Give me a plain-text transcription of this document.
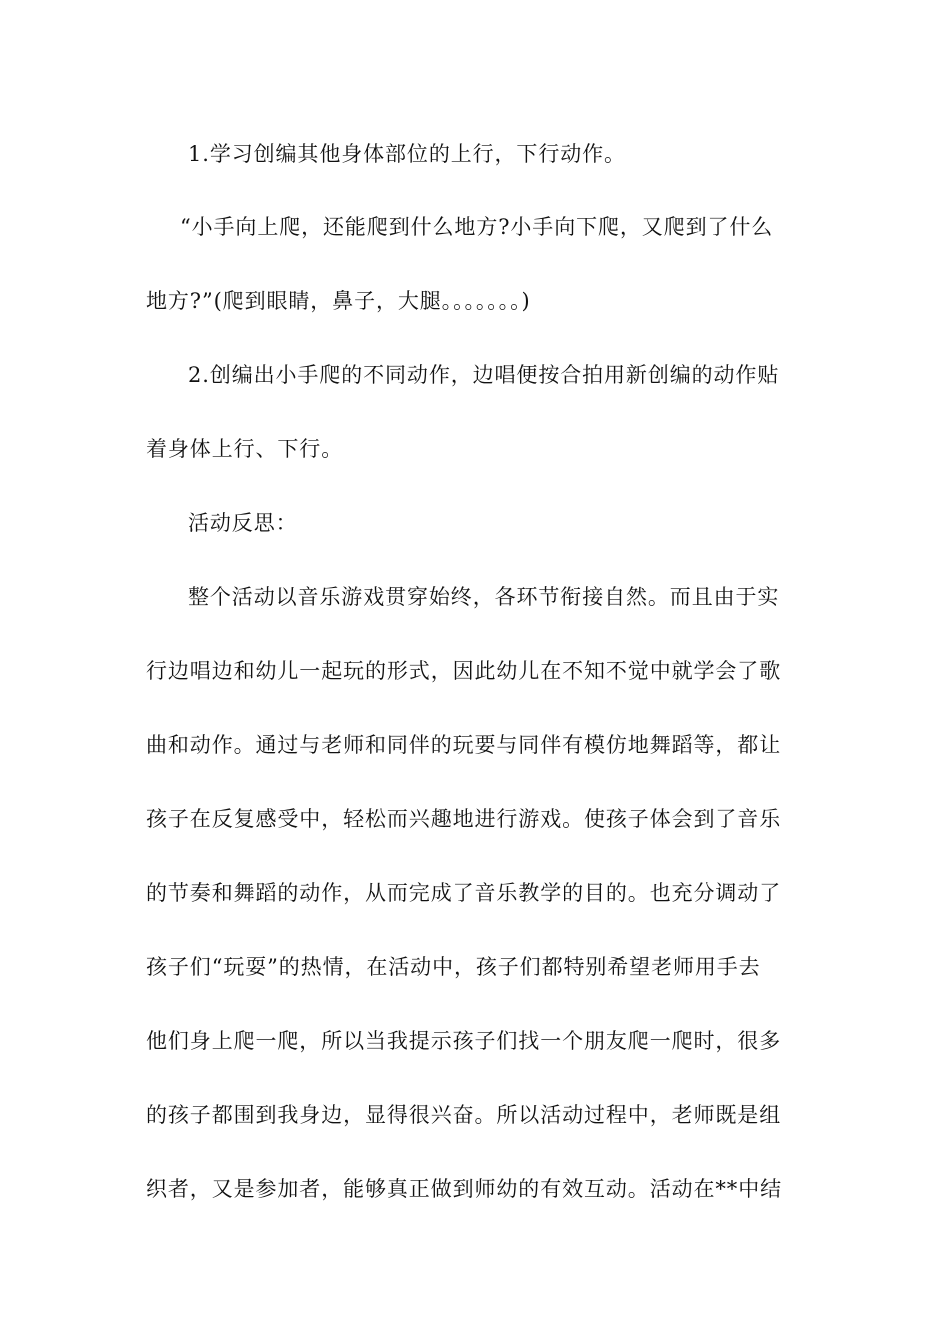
1.学习创编其他身体部位的上行，下行动作。
“小手向上爬，还能爬到什么地方?小手向下爬，又爬到了什么
地方?”(爬到眼睛，鼻子，大腿。。。。。。。)
2.创编出小手爬的不同动作，边唱便按合拍用新创编的动作贴
着身体上行、下行。
活动反思：
整个活动以音乐游戏贯穿始终，各环节衔接自然。而且由于实
行边唱边和幼儿一起玩的形式，因此幼儿在不知不觉中就学会了歌
曲和动作。通过与老师和同伴的玩要与同伴有模仿地舞蹈等，都让
孩子在反复感受中，轻松而兴趣地进行游戏。使孩子体会到了音乐
的节奏和舞蹈的动作，从而完成了音乐教学的目的。也充分调动了
孩子们“玩耍”的热情，在活动中，孩子们都特别希望老师用手去
他们身上爬一爬，所以当我提示孩子们找一个朋友爬一爬时，很多
的孩子都围到我身边，显得很兴奋。所以活动过程中，老师既是组
织者，又是参加者，能够真正做到师幼的有效互动。活动在**中结
